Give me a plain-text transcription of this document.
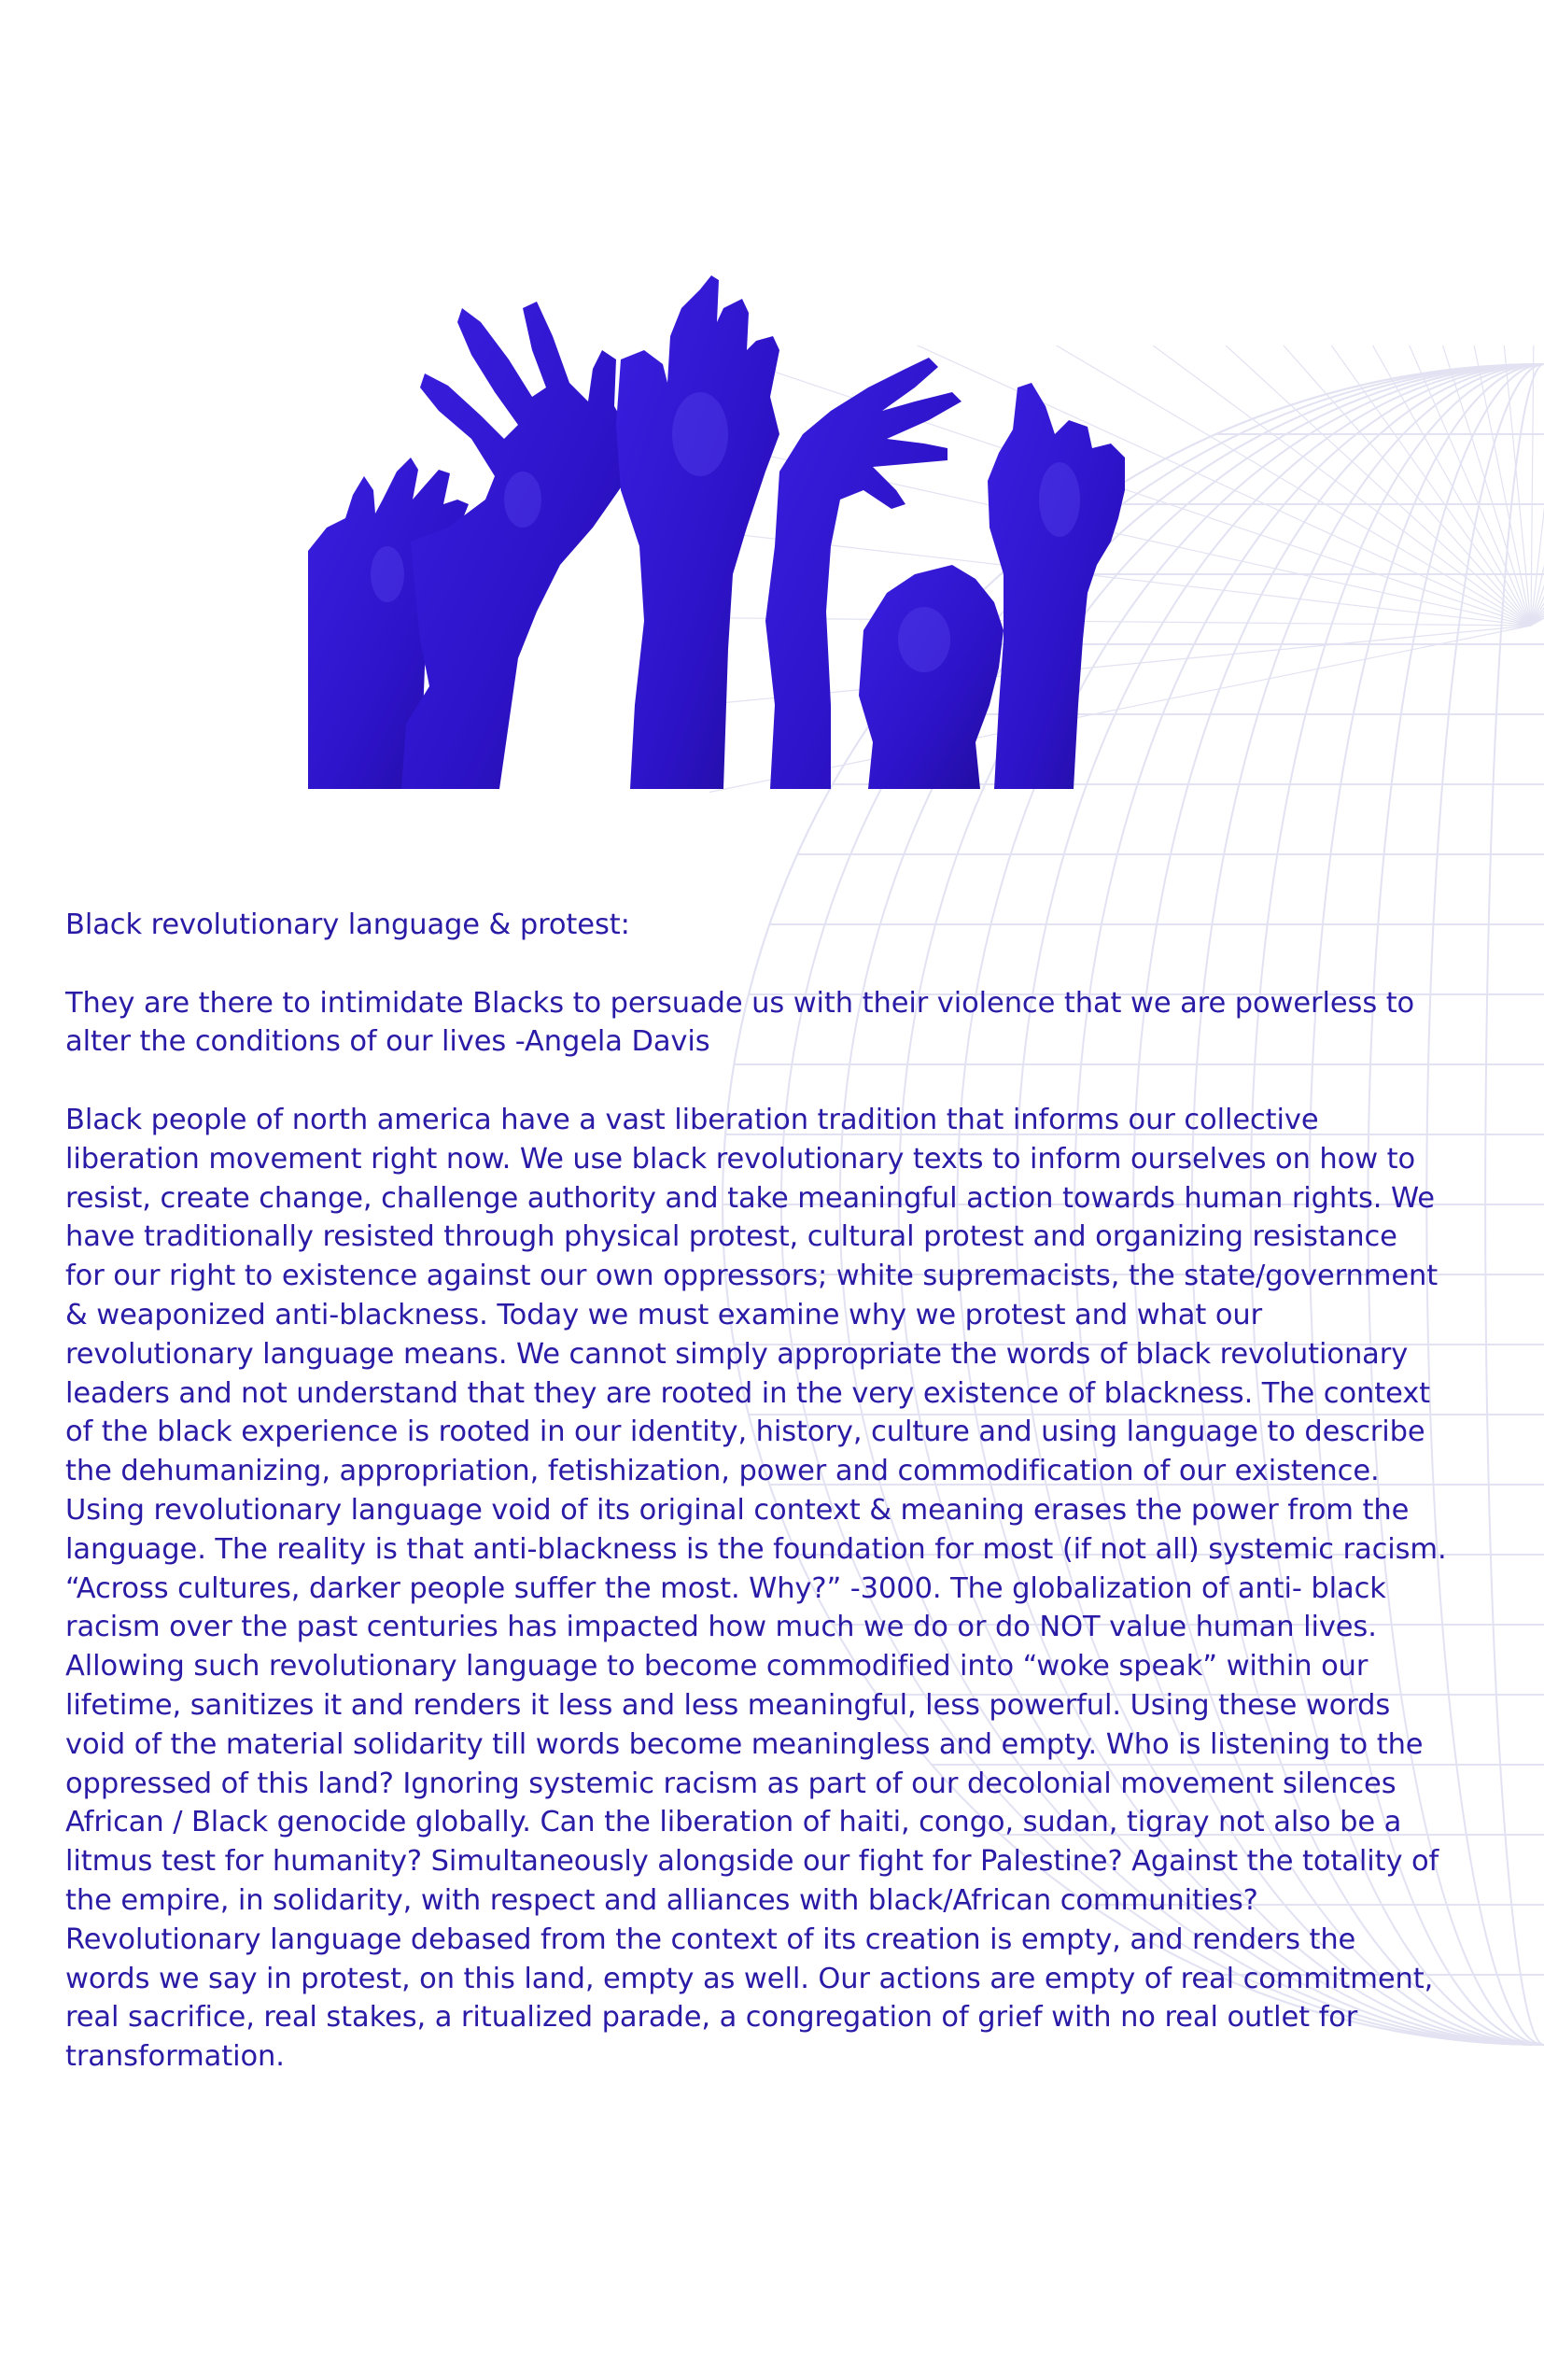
Black revolutionary language & protest:

They are there to intimidate Blacks to persuade us with their violence that we are powerless to
alter the conditions of our lives -Angela Davis

Black people of north america have a vast liberation tradition that informs our collective
liberation movement right now. We use black revolutionary texts to inform ourselves on how to
resist, create change, challenge authority and take meaningful action towards human rights. We
have traditionally resisted through physical protest, cultural protest and organizing resistance
for our right to existence against our own oppressors; white supremacists, the state/government
& weaponized anti-blackness. Today we must examine why we protest and what our
revolutionary language means. We cannot simply appropriate the words of black revolutionary
leaders and not understand that they are rooted in the very existence of blackness. The context
of the black experience is rooted in our identity, history, culture and using language to describe
the dehumanizing, appropriation, fetishization, power and commodification of our existence.
Using revolutionary language void of its original context & meaning erases the power from the
language. The reality is that anti-blackness is the foundation for most (if not all) systemic racism.
“Across cultures, darker people suffer the most. Why?” -3000. The globalization of anti- black
racism over the past centuries has impacted how much we do or do NOT value human lives.
Allowing such revolutionary language to become commodified into “woke speak” within our
lifetime, sanitizes it and renders it less and less meaningful, less powerful. Using these words
void of the material solidarity till words become meaningless and empty. Who is listening to the
oppressed of this land? Ignoring systemic racism as part of our decolonial movement silences
African / Black genocide globally. Can the liberation of haiti, congo, sudan, tigray not also be a
litmus test for humanity? Simultaneously alongside our fight for Palestine? Against the totality of
the empire, in solidarity, with respect and alliances with black/African communities?
Revolutionary language debased from the context of its creation is empty, and renders the
words we say in protest, on this land, empty as well. Our actions are empty of real commitment,
real sacrifice, real stakes, a ritualized parade, a congregation of grief with no real outlet for
transformation.
